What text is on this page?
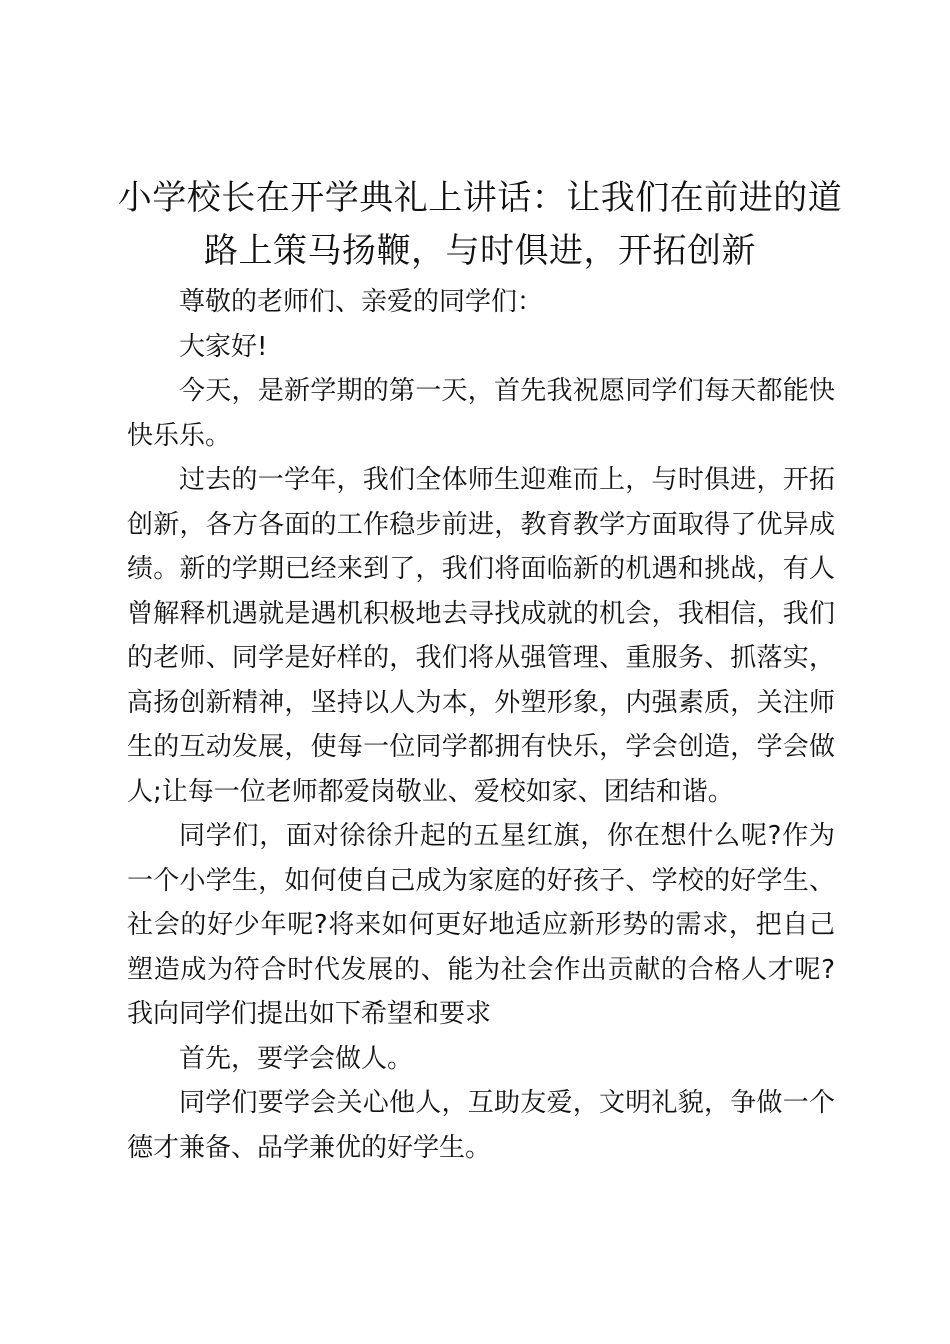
小学校长在开学典礼上讲话：让我们在前进的道路上策马扬鞭，与时俱进，开拓创新

尊敬的老师们、亲爱的同学们：

大家好!

今天，是新学期的第一天，首先我祝愿同学们每天都能快快乐乐。

过去的一学年，我们全体师生迎难而上，与时俱进，开拓创新，各方各面的工作稳步前进，教育教学方面取得了优异成绩。新的学期已经来到了，我们将面临新的机遇和挑战，有人曾解释机遇就是遇机积极地去寻找成就的机会，我相信，我们的老师、同学是好样的，我们将从强管理、重服务、抓落实，高扬创新精神，坚持以人为本，外塑形象，内强素质，关注师生的互动发展，使每一位同学都拥有快乐，学会创造，学会做人;让每一位老师都爱岗敬业、爱校如家、团结和谐。

同学们，面对徐徐升起的五星红旗，你在想什么呢?作为一个小学生，如何使自己成为家庭的好孩子、学校的好学生、社会的好少年呢?将来如何更好地适应新形势的需求，把自己塑造成为符合时代发展的、能为社会作出贡献的合格人才呢?我向同学们提出如下希望和要求

首先，要学会做人。

同学们要学会关心他人，互助友爱，文明礼貌，争做一个德才兼备、品学兼优的好学生。
